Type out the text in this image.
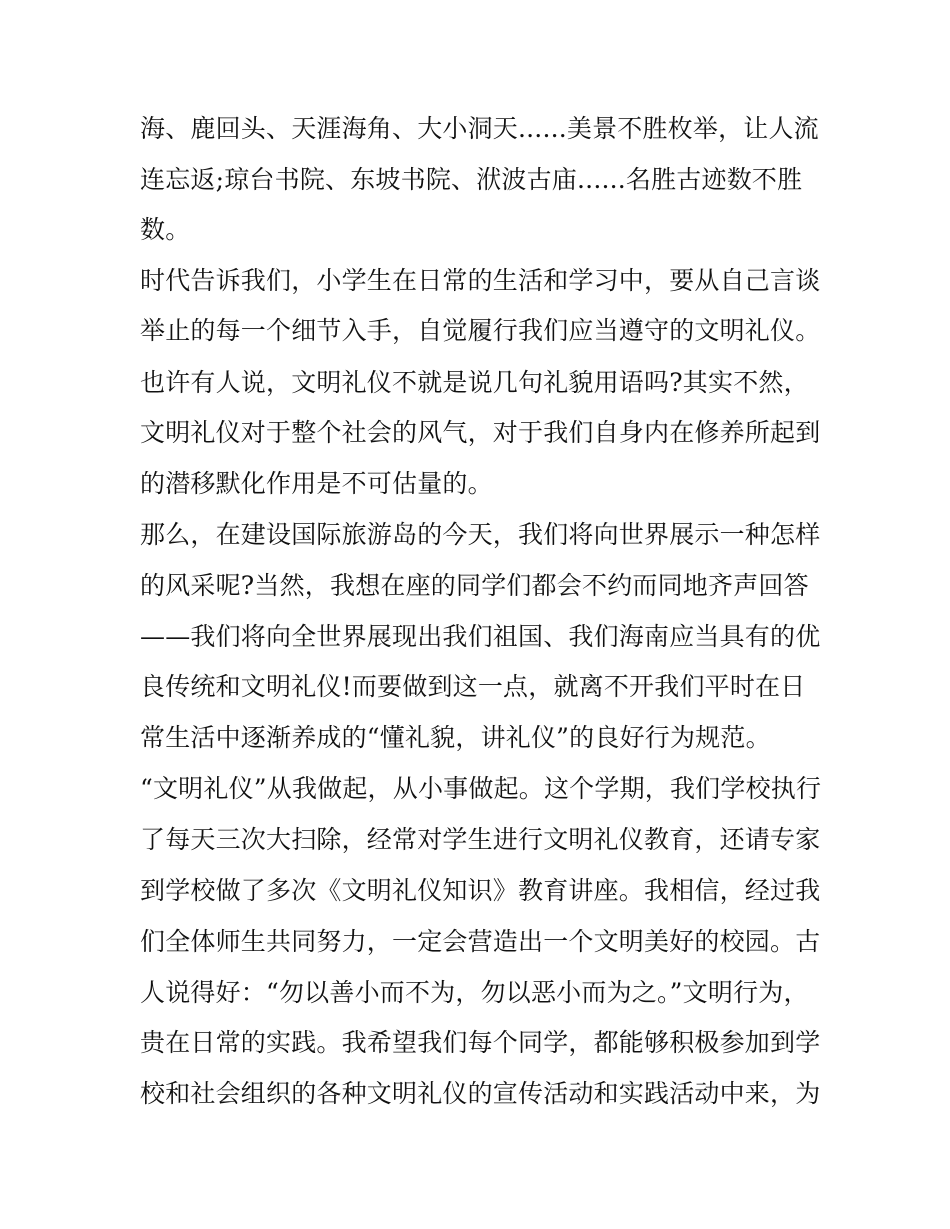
海、鹿回头、天涯海角、大小洞天......美景不胜枚举，让人流
连忘返;琼台书院、东坡书院、洑波古庙......名胜古迹数不胜
数。
时代告诉我们，小学生在日常的生活和学习中，要从自己言谈
举止的每一个细节入手，自觉履行我们应当遵守的文明礼仪。
也许有人说，文明礼仪不就是说几句礼貌用语吗?其实不然，
文明礼仪对于整个社会的风气，对于我们自身内在修养所起到
的潜移默化作用是不可估量的。
那么，在建设国际旅游岛的今天，我们将向世界展示一种怎样
的风采呢?当然，我想在座的同学们都会不约而同地齐声回答
——我们将向全世界展现出我们祖国、我们海南应当具有的优
良传统和文明礼仪!而要做到这一点，就离不开我们平时在日
常生活中逐渐养成的“懂礼貌，讲礼仪”的良好行为规范。
“文明礼仪”从我做起，从小事做起。这个学期，我们学校执行
了每天三次大扫除，经常对学生进行文明礼仪教育，还请专家
到学校做了多次《文明礼仪知识》教育讲座。我相信，经过我
们全体师生共同努力，一定会营造出一个文明美好的校园。古
人说得好：“勿以善小而不为，勿以恶小而为之。”文明行为，
贵在日常的实践。我希望我们每个同学，都能够积极参加到学
校和社会组织的各种文明礼仪的宣传活动和实践活动中来，为
